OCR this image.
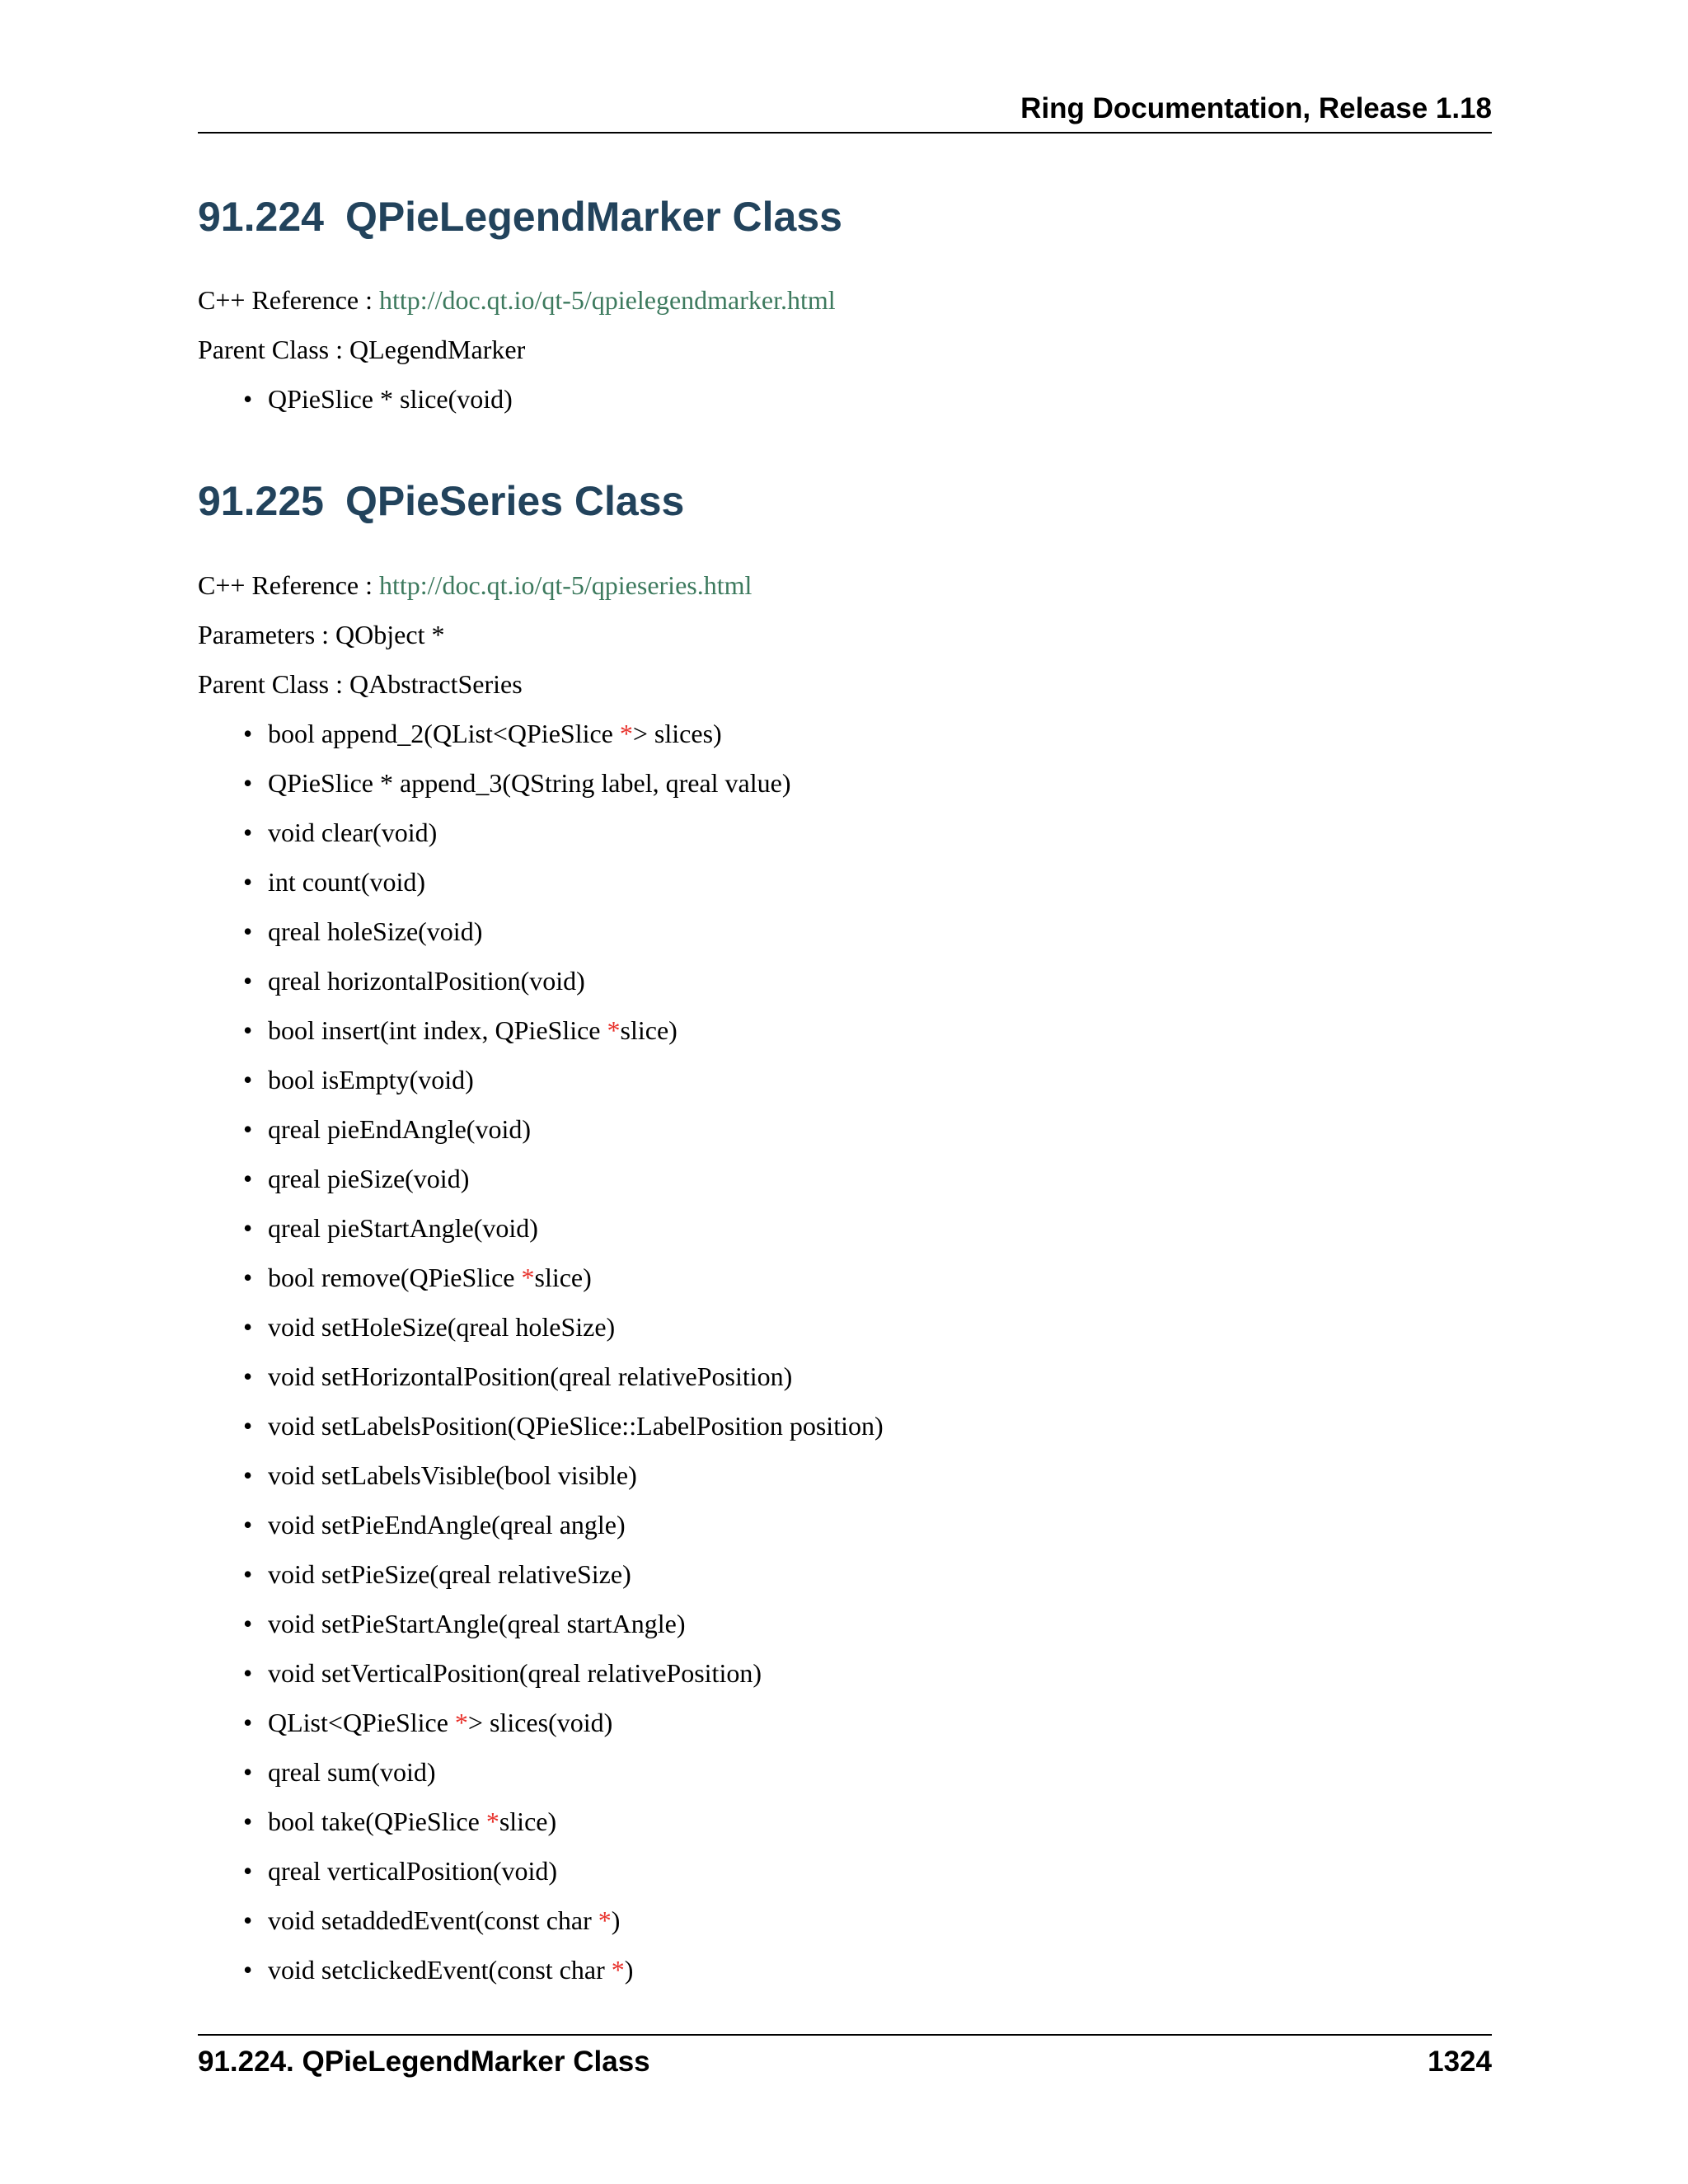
Ring Documentation, Release 1.18
91.224 QPieLegendMarker Class
C++ Reference : http://doc.qt.io/qt-5/qpielegendmarker.html
Parent Class : QLegendMarker
• QPieSlice * slice(void)
91.225 QPieSeries Class
C++ Reference : http://doc.qt.io/qt-5/qpieseries.html
Parameters : QObject *
Parent Class : QAbstractSeries
• bool append_2(QList<QPieSlice *> slices)
• QPieSlice * append_3(QString label, qreal value)
• void clear(void)
• int count(void)
• qreal holeSize(void)
• qreal horizontalPosition(void)
• bool insert(int index, QPieSlice *slice)
• bool isEmpty(void)
• qreal pieEndAngle(void)
• qreal pieSize(void)
• qreal pieStartAngle(void)
• bool remove(QPieSlice *slice)
• void setHoleSize(qreal holeSize)
• void setHorizontalPosition(qreal relativePosition)
• void setLabelsPosition(QPieSlice::LabelPosition position)
• void setLabelsVisible(bool visible)
• void setPieEndAngle(qreal angle)
• void setPieSize(qreal relativeSize)
• void setPieStartAngle(qreal startAngle)
• void setVerticalPosition(qreal relativePosition)
• QList<QPieSlice *> slices(void)
• qreal sum(void)
• bool take(QPieSlice *slice)
• qreal verticalPosition(void)
• void setaddedEvent(const char *)
• void setclickedEvent(const char *)
91.224. QPieLegendMarker Class	1324
